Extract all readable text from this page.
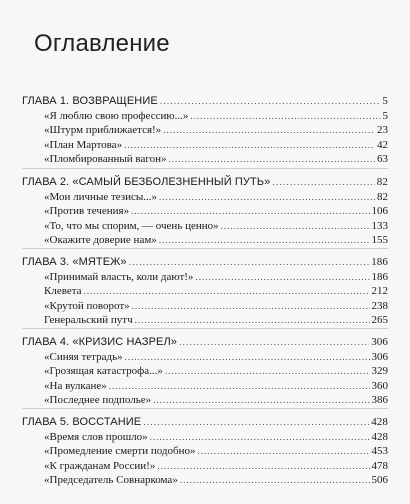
Оглавление
ГЛАВА 1. ВОЗВРАЩЕНИЕ .....	5
«Я люблю свою профессию...» .....	5
«Штурм приближается!» .....	23
«План Мартова» .....	42
«Пломбированный вагон» .....	63
ГЛАВА 2. «САМЫЙ БЕЗБОЛЕЗНЕННЫЙ ПУТЬ» .....	82
«Мои личные тезисы...» .....	82
«Против течения» .....	106
«То, что мы спорим, — очень ценно» .....	133
«Окажите доверие нам» .....	155
ГЛАВА 3. «МЯТЕЖ» .....	186
«Принимай власть, коли дают!» .....	186
Клевета .....	212
«Крутой поворот» .....	238
Генеральский путч .....	265
ГЛАВА 4. «КРИЗИС НАЗРЕЛ» .....	306
«Синяя тетрадь» .....	306
«Грозящая катастрофа...» .....	329
«На вулкане» .....	360
«Последнее подполье» .....	386
ГЛАВА 5. ВОССТАНИЕ .....	428
«Время слов прошло» .....	428
«Промедление смерти подобно» .....	453
«К гражданам России!» .....	478
«Председатель Совнаркома» .....	506
